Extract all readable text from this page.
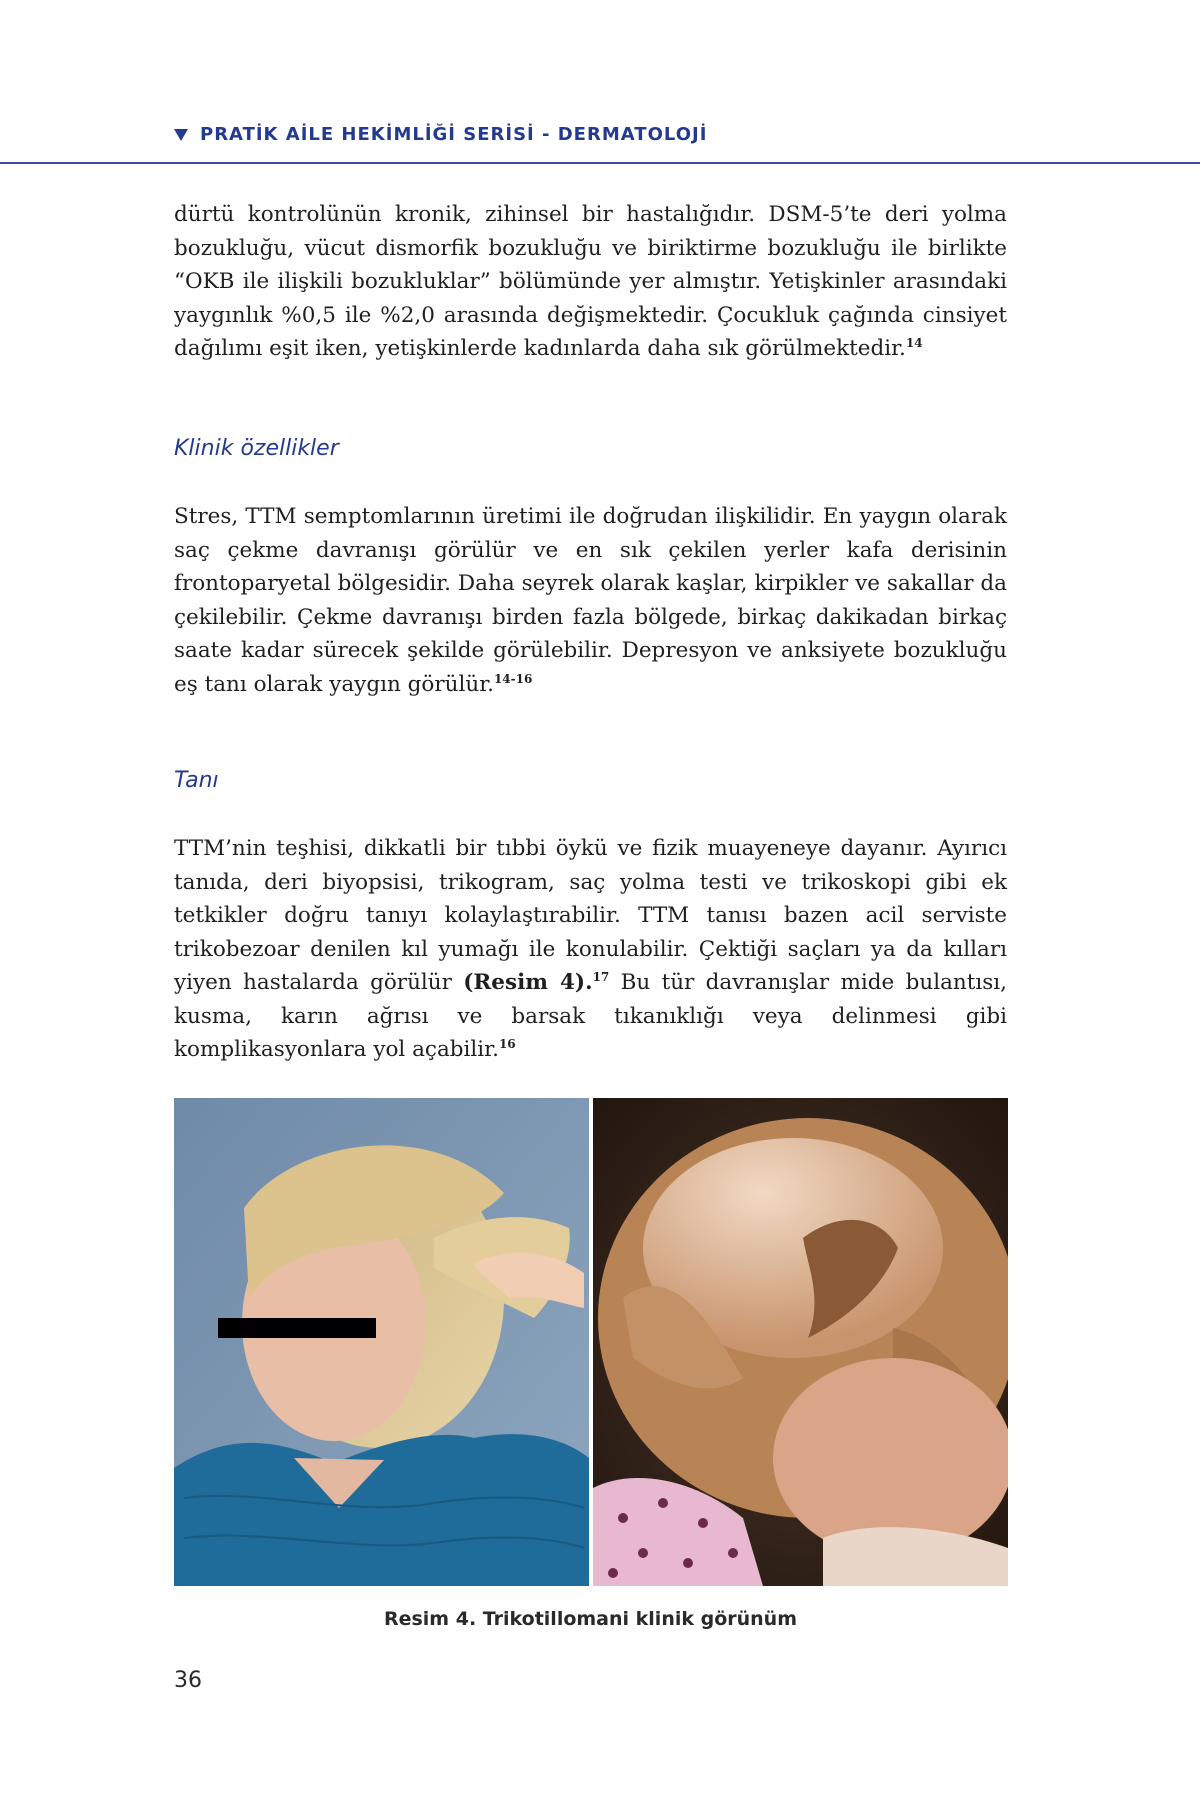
PRATİK AİLE HEKİMLİĞİ SERİSİ - DERMATOLOJİ

dürtü kontrolünün kronik, zihinsel bir hastalığıdır. DSM-5’te deri yolma bozukluğu, vücut dismorfik bozukluğu ve biriktirme bozukluğu ile birlikte “OKB ile ilişkili bozukluklar” bölümünde yer almıştır. Yetişkinler arasındaki yaygınlık %0,5 ile %2,0 arasında değişmektedir. Çocukluk çağında cinsiyet dağılımı eşit iken, yetişkinlerde kadınlarda daha sık görülmektedir.$^{14}$

Klinik özellikler

Stres, TTM semptomlarının üretimi ile doğrudan ilişkilidir. En yaygın olarak saç çekme davranışı görülür ve en sık çekilen yerler kafa derisinin frontoparyetal bölgesidir. Daha seyrek olarak kaşlar, kirpikler ve sakallar da çekilebilir. Çekme davranışı birden fazla bölgede, birkaç dakikadan birkaç saate kadar sürecek şekilde görülebilir. Depresyon ve anksiyete bozukluğu eş tanı olarak yaygın görülür.$^{14-16}$

Tanı

TTM’nin teşhisi, dikkatli bir tıbbi öykü ve fizik muayeneye dayanır. Ayırıcı tanıda, deri biyopsisi, trikogram, saç yolma testi ve trikoskopi gibi ek tetkikler doğru tanıyı kolaylaştırabilir. TTM tanısı bazen acil serviste trikobezoar denilen kıl yumağı ile konulabilir. Çektiği saçları ya da kılları yiyen hastalarda görülür (Resim 4).$^{17}$ Bu tür davranışlar mide bulantısı, kusma, karın ağrısı ve barsak tıkanıklığı veya delinmesi gibi komplikasyonlara yol açabilir.$^{16}$

Resim 4. Trikotillomani klinik görünüm
36
